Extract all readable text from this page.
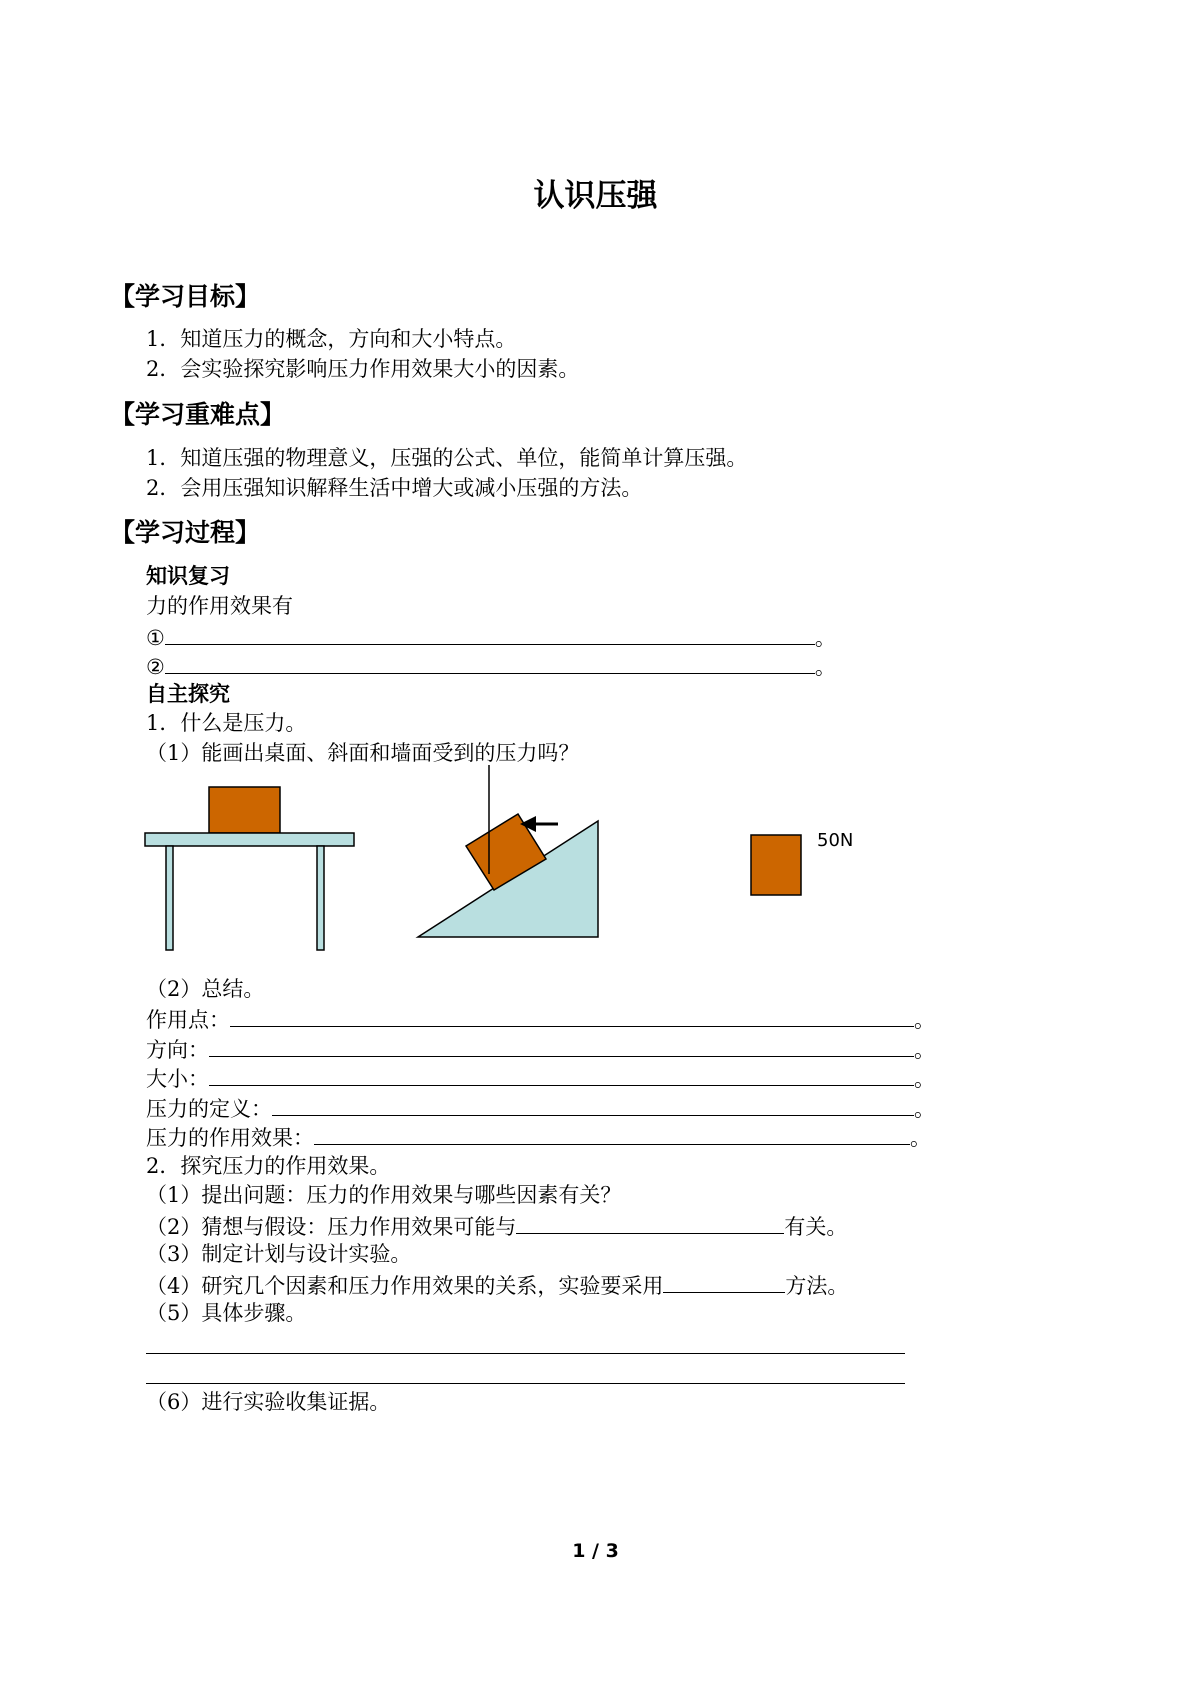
认识压强
【学习目标】
1．知道压力的概念，方向和大小特点。
2．会实验探究影响压力作用效果大小的因素。
【学习重难点】
1．知道压强的物理意义，压强的公式、单位，能简单计算压强。
2．会用压强知识解释生活中增大或减小压强的方法。
【学习过程】
知识复习
力的作用效果有
①	。
②	。
自主探究
1．什么是压力。
（1）能画出桌面、斜面和墙面受到的压力吗？
50N
（2）总结。
作用点：	。
方向：	。
大小：	。
压力的定义：	。
压力的作用效果：	。
2．探究压力的作用效果。
（1）提出问题：压力的作用效果与哪些因素有关？
（2）猜想与假设：压力作用效果可能与	有关。
（3）制定计划与设计实验。
（4）研究几个因素和压力作用效果的关系，实验要采用	方法。
（5）具体步骤。
（6）进行实验收集证据。
1 / 3
